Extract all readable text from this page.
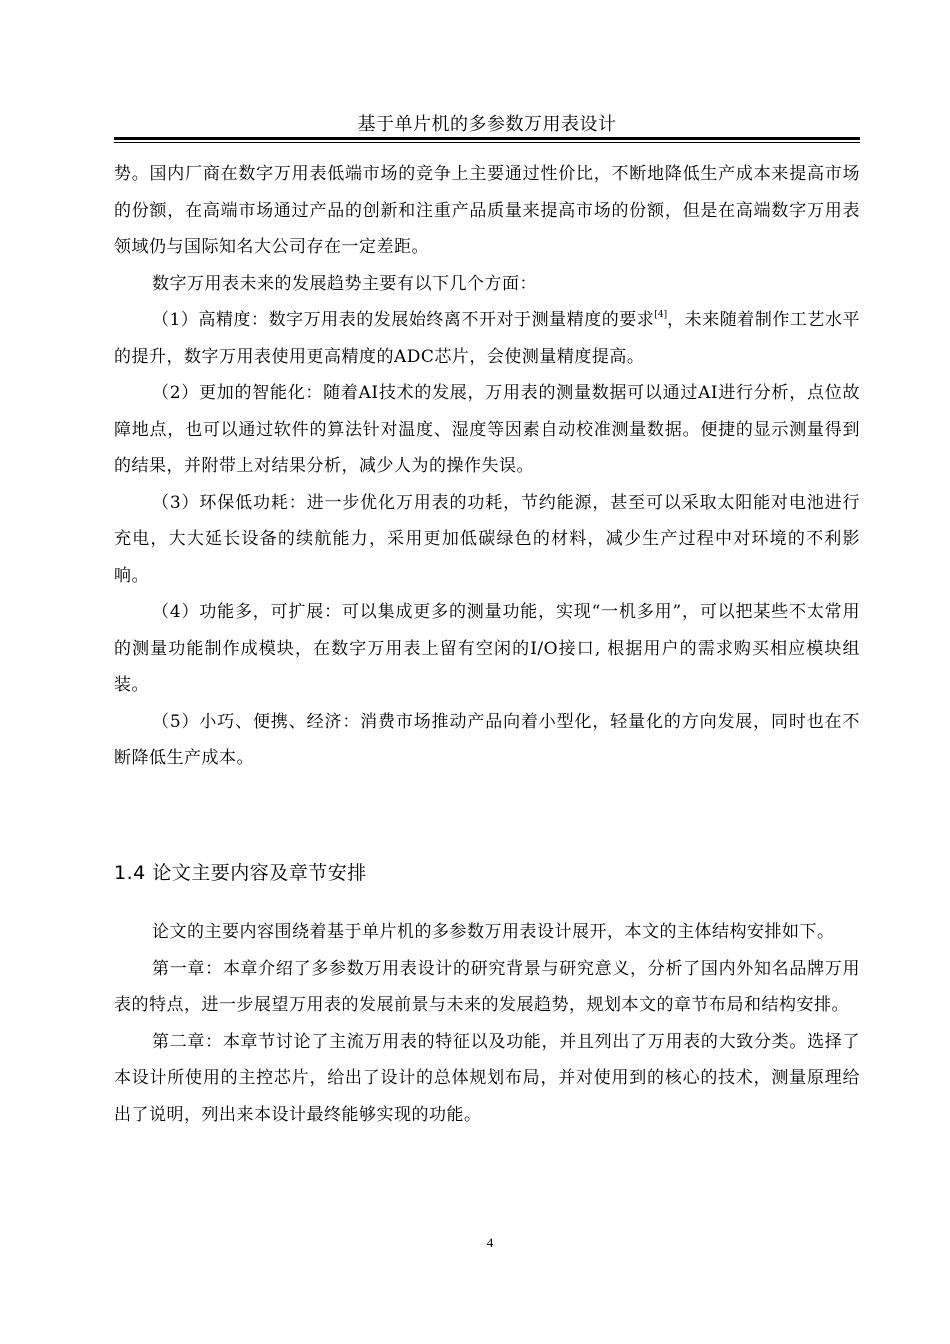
基于单片机的多参数万用表设计

势。国内厂商在数字万用表低端市场的竞争上主要通过性价比，不断地降低生产成本来提高市场的份额，在高端市场通过产品的创新和注重产品质量来提高市场的份额，但是在高端数字万用表领域仍与国际知名大公司存在一定差距。

数字万用表未来的发展趋势主要有以下几个方面：

（1）高精度：数字万用表的发展始终离不开对于测量精度的要求[4]，未来随着制作工艺水平的提升，数字万用表使用更高精度的ADC芯片，会使测量精度提高。

（2）更加的智能化：随着AI技术的发展，万用表的测量数据可以通过AI进行分析，点位故障地点，也可以通过软件的算法针对温度、湿度等因素自动校准测量数据。便捷的显示测量得到的结果，并附带上对结果分析，减少人为的操作失误。

（3）环保低功耗：进一步优化万用表的功耗，节约能源，甚至可以采取太阳能对电池进行充电，大大延长设备的续航能力，采用更加低碳绿色的材料，减少生产过程中对环境的不利影响。

（4）功能多，可扩展：可以集成更多的测量功能，实现“一机多用”，可以把某些不太常用的测量功能制作成模块，在数字万用表上留有空闲的I/O接口, 根据用户的需求购买相应模块组装。

（5）小巧、便携、经济：消费市场推动产品向着小型化，轻量化的方向发展，同时也在不断降低生产成本。

1.4 论文主要内容及章节安排

论文的主要内容围绕着基于单片机的多参数万用表设计展开，本文的主体结构安排如下。

第一章：本章介绍了多参数万用表设计的研究背景与研究意义，分析了国内外知名品牌万用表的特点，进一步展望万用表的发展前景与未来的发展趋势，规划本文的章节布局和结构安排。

第二章：本章节讨论了主流万用表的特征以及功能，并且列出了万用表的大致分类。选择了本设计所使用的主控芯片，给出了设计的总体规划布局，并对使用到的核心的技术，测量原理给出了说明，列出来本设计最终能够实现的功能。

4
